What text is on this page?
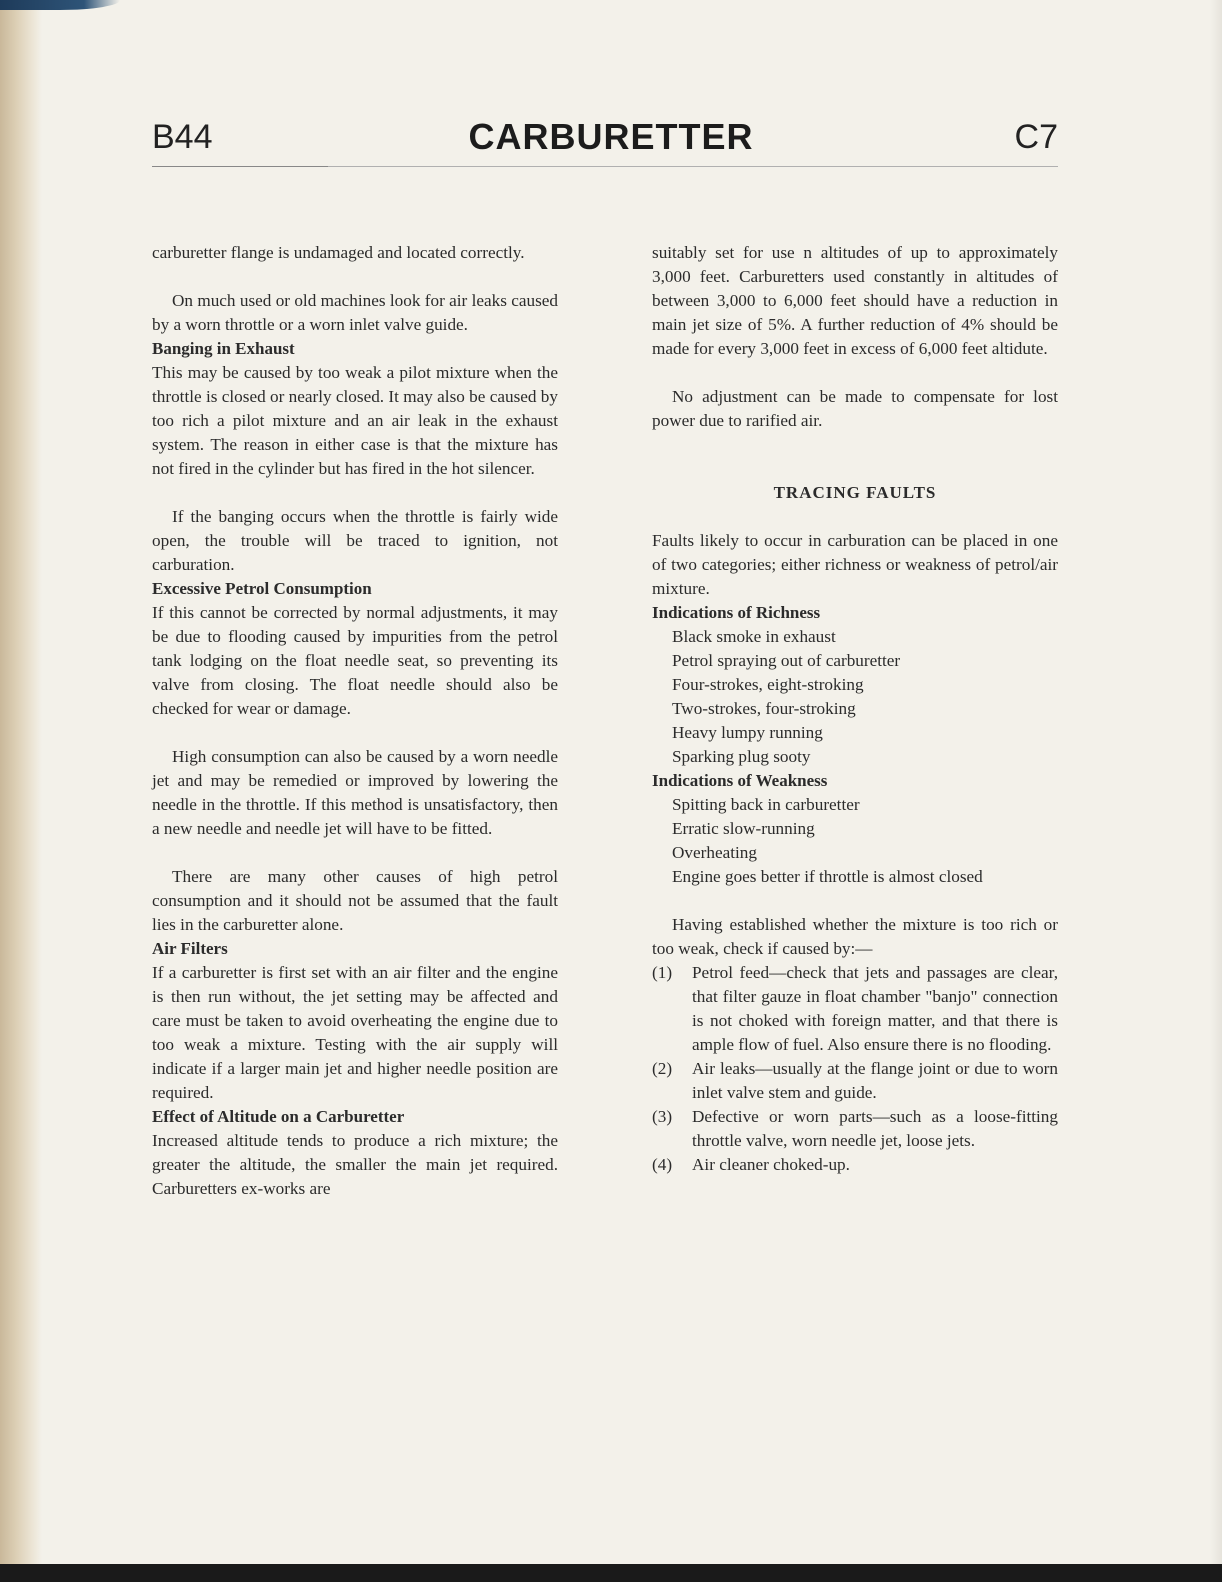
B44	CARBURETTER	C7

carburetter flange is undamaged and located correctly.

On much used or old machines look for air leaks caused by a worn throttle or a worn inlet valve guide.

Banging in Exhaust

This may be caused by too weak a pilot mixture when the throttle is closed or nearly closed. It may also be caused by too rich a pilot mixture and an air leak in the exhaust system. The reason in either case is that the mixture has not fired in the cylinder but has fired in the hot silencer.

If the banging occurs when the throttle is fairly wide open, the trouble will be traced to ignition, not carburation.

Excessive Petrol Consumption

If this cannot be corrected by normal adjustments, it may be due to flooding caused by impurities from the petrol tank lodging on the float needle seat, so preventing its valve from closing. The float needle should also be checked for wear or damage.

High consumption can also be caused by a worn needle jet and may be remedied or improved by lowering the needle in the throttle. If this method is unsatisfactory, then a new needle and needle jet will have to be fitted.

There are many other causes of high petrol consumption and it should not be assumed that the fault lies in the carburetter alone.

Air Filters

If a carburetter is first set with an air filter and the engine is then run without, the jet setting may be affected and care must be taken to avoid overheating the engine due to too weak a mixture. Testing with the air supply will indicate if a larger main jet and higher needle position are required.

Effect of Altitude on a Carburetter

Increased altitude tends to produce a rich mixture; the greater the altitude, the smaller the main jet required. Carburetters ex-works are

suitably set for use n altitudes of up to approximately 3,000 feet. Carburetters used constantly in altitudes of between 3,000 to 6,000 feet should have a reduction in main jet size of 5%. A further reduction of 4% should be made for every 3,000 feet in excess of 6,000 feet altidute.

No adjustment can be made to compensate for lost power due to rarified air.

TRACING FAULTS

Faults likely to occur in carburation can be placed in one of two categories; either richness or weakness of petrol/air mixture.

Indications of Richness

Black smoke in exhaust
Petrol spraying out of carburetter
Four-strokes, eight-stroking
Two-strokes, four-stroking
Heavy lumpy running
Sparking plug sooty

Indications of Weakness

Spitting back in carburetter
Erratic slow-running
Overheating
Engine goes better if throttle is almost closed

Having established whether the mixture is too rich or too weak, check if caused by:—

(1)	Petrol feed—check that jets and passages are clear, that filter gauze in float chamber "banjo" connection is not choked with foreign matter, and that there is ample flow of fuel. Also ensure there is no flooding.
(2)	Air leaks—usually at the flange joint or due to worn inlet valve stem and guide.
(3)	Defective or worn parts—such as a loose-fitting throttle valve, worn needle jet, loose jets.
(4)	Air cleaner choked-up.
